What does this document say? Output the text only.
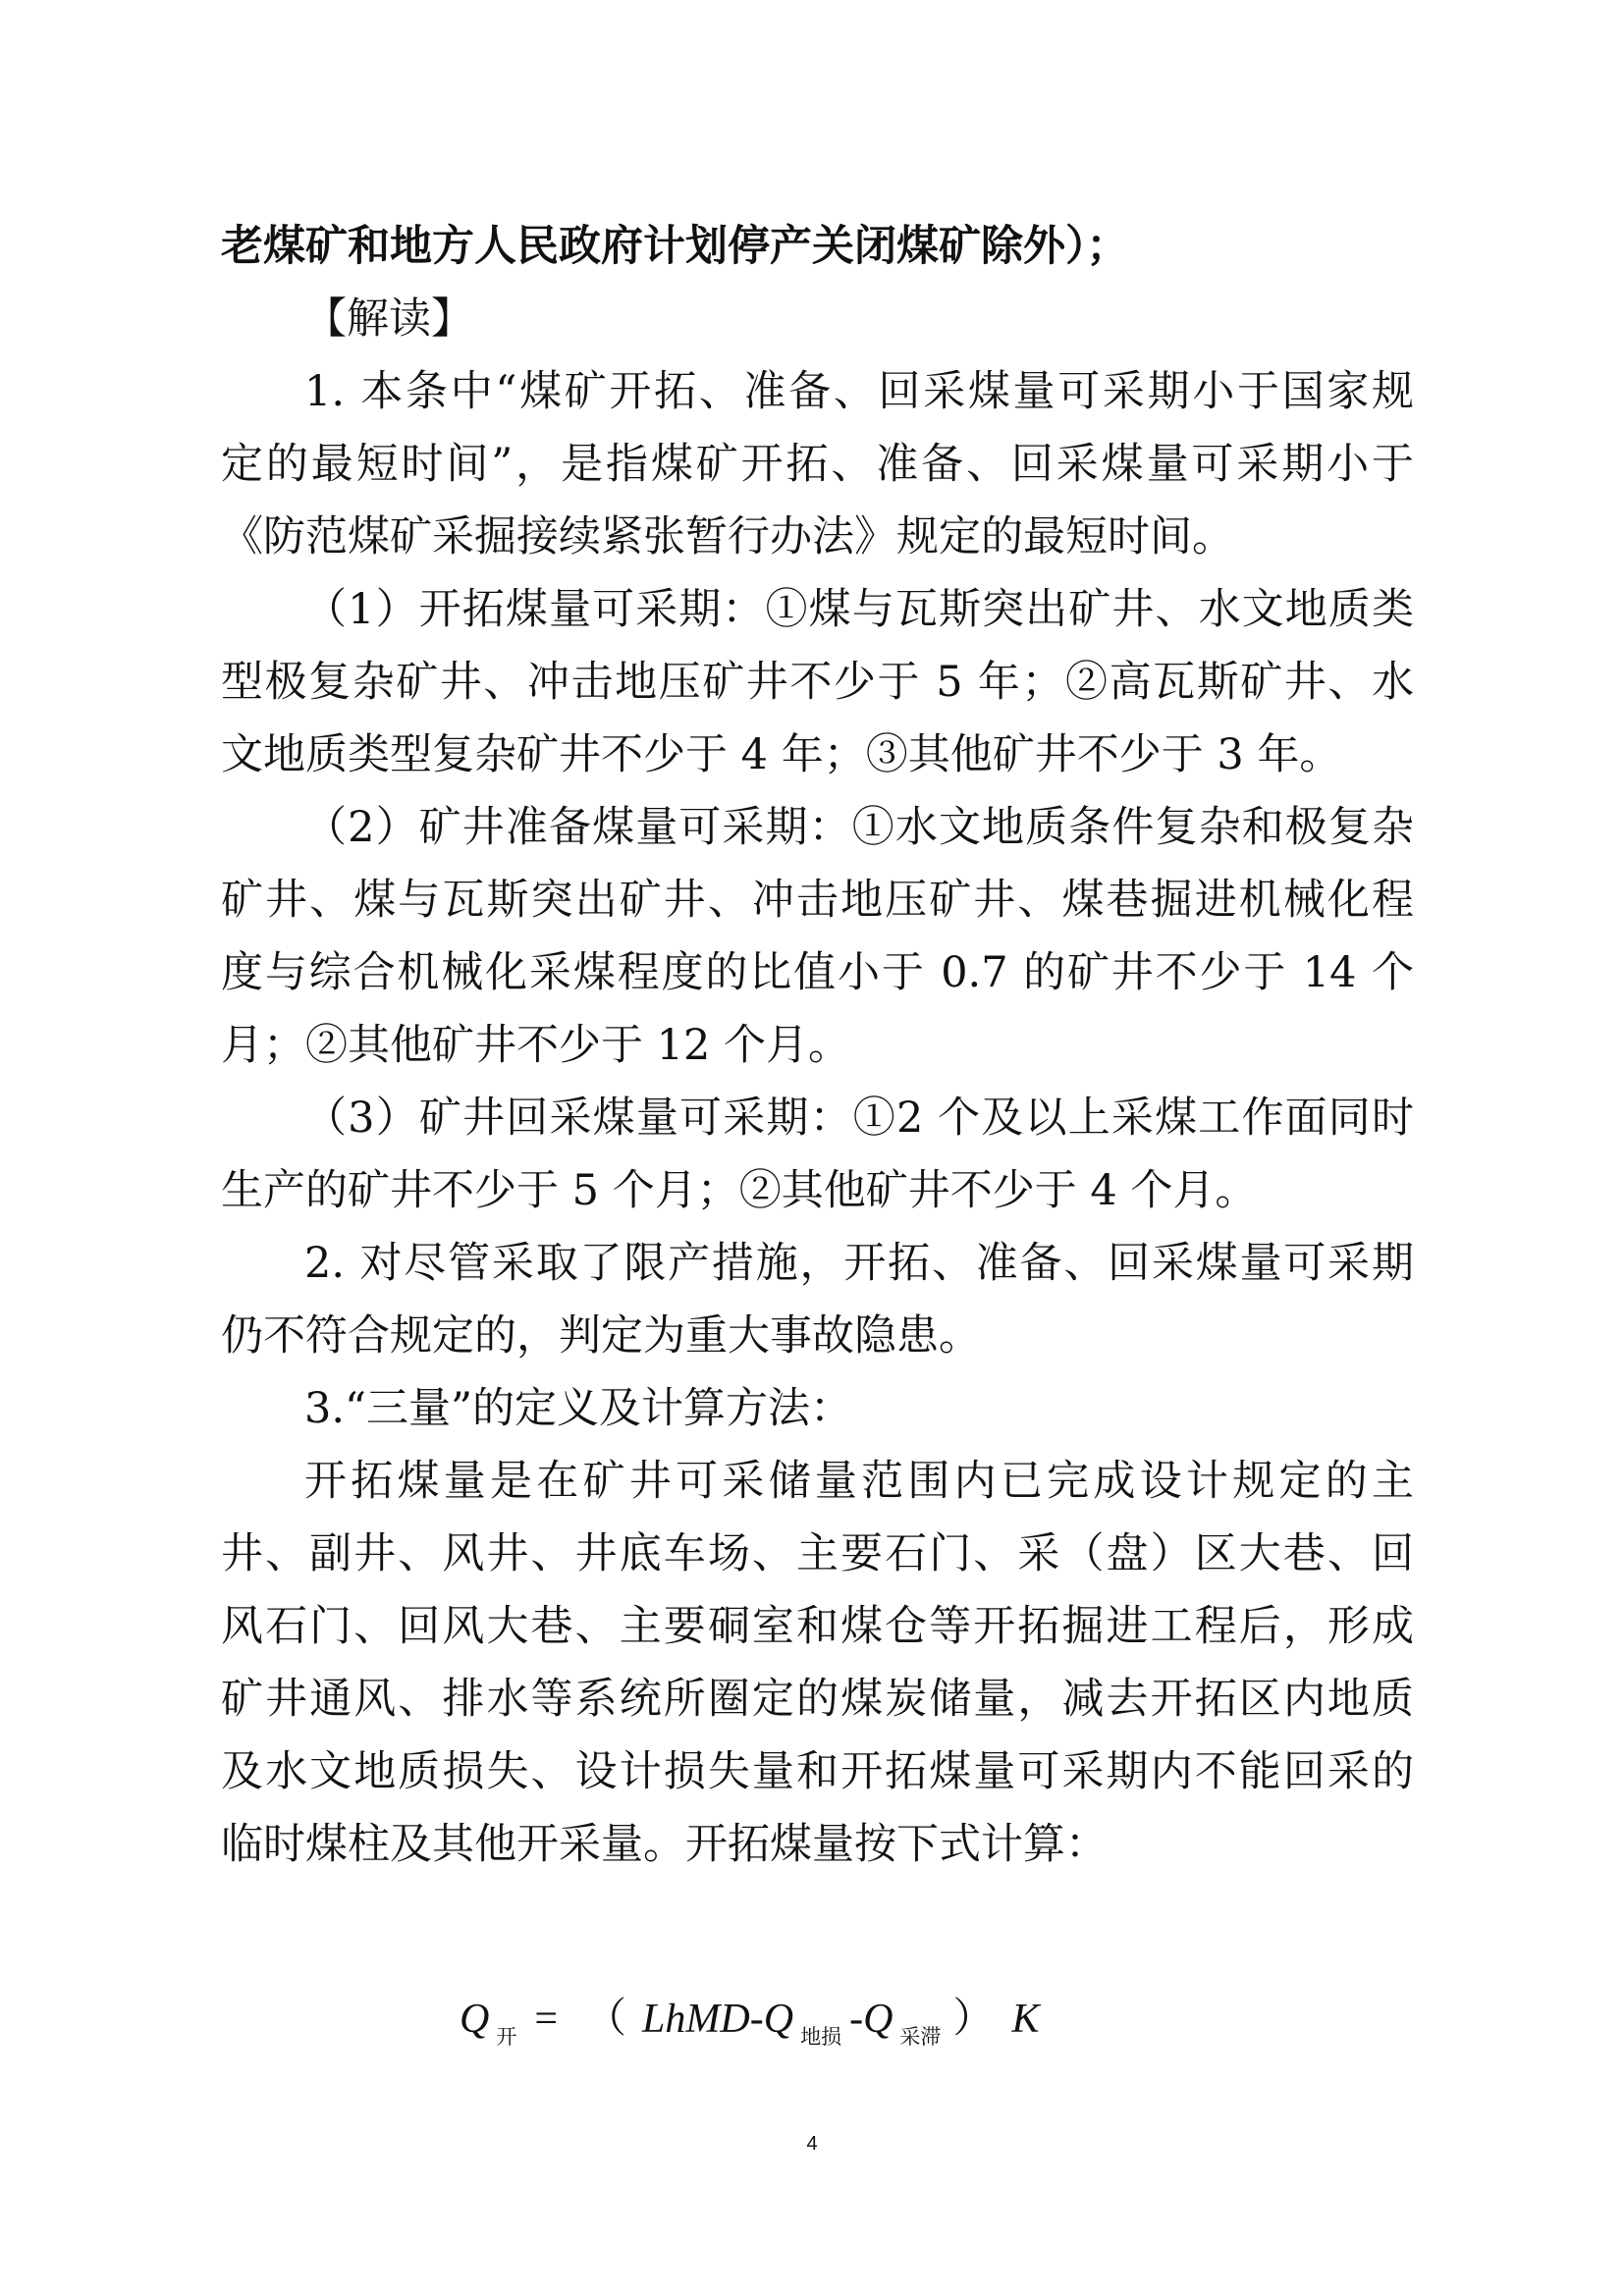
老煤矿和地方人民政府计划停产关闭煤矿除外）；
【解读】
1. 本条中“煤矿开拓、准备、回采煤量可采期小于国家规
定的最短时间”，是指煤矿开拓、准备、回采煤量可采期小于
《防范煤矿采掘接续紧张暂行办法》规定的最短时间。
（1）开拓煤量可采期：①煤与瓦斯突出矿井、水文地质类
型极复杂矿井、冲击地压矿井不少于 5 年；②高瓦斯矿井、水
文地质类型复杂矿井不少于 4 年；③其他矿井不少于 3 年。
（2）矿井准备煤量可采期：①水文地质条件复杂和极复杂
矿井、煤与瓦斯突出矿井、冲击地压矿井、煤巷掘进机械化程
度与综合机械化采煤程度的比值小于 0.7 的矿井不少于 14 个
月；②其他矿井不少于 12 个月。
（3）矿井回采煤量可采期：①2 个及以上采煤工作面同时
生产的矿井不少于 5 个月；②其他矿井不少于 4 个月。
2. 对尽管采取了限产措施，开拓、准备、回采煤量可采期
仍不符合规定的，判定为重大事故隐患。
3.“三量”的定义及计算方法：
开拓煤量是在矿井可采储量范围内已完成设计规定的主
井、副井、风井、井底车场、主要石门、采（盘）区大巷、回
风石门、回风大巷、主要硐室和煤仓等开拓掘进工程后，形成
矿井通风、排水等系统所圈定的煤炭储量，减去开拓区内地质
及水文地质损失、设计损失量和开拓煤量可采期内不能回采的
临时煤柱及其他开采量。开拓煤量按下式计算：
Q $_开$ = （ LhMD-Q $_{地损}$ -Q $_{采滞}$ ） K
4
